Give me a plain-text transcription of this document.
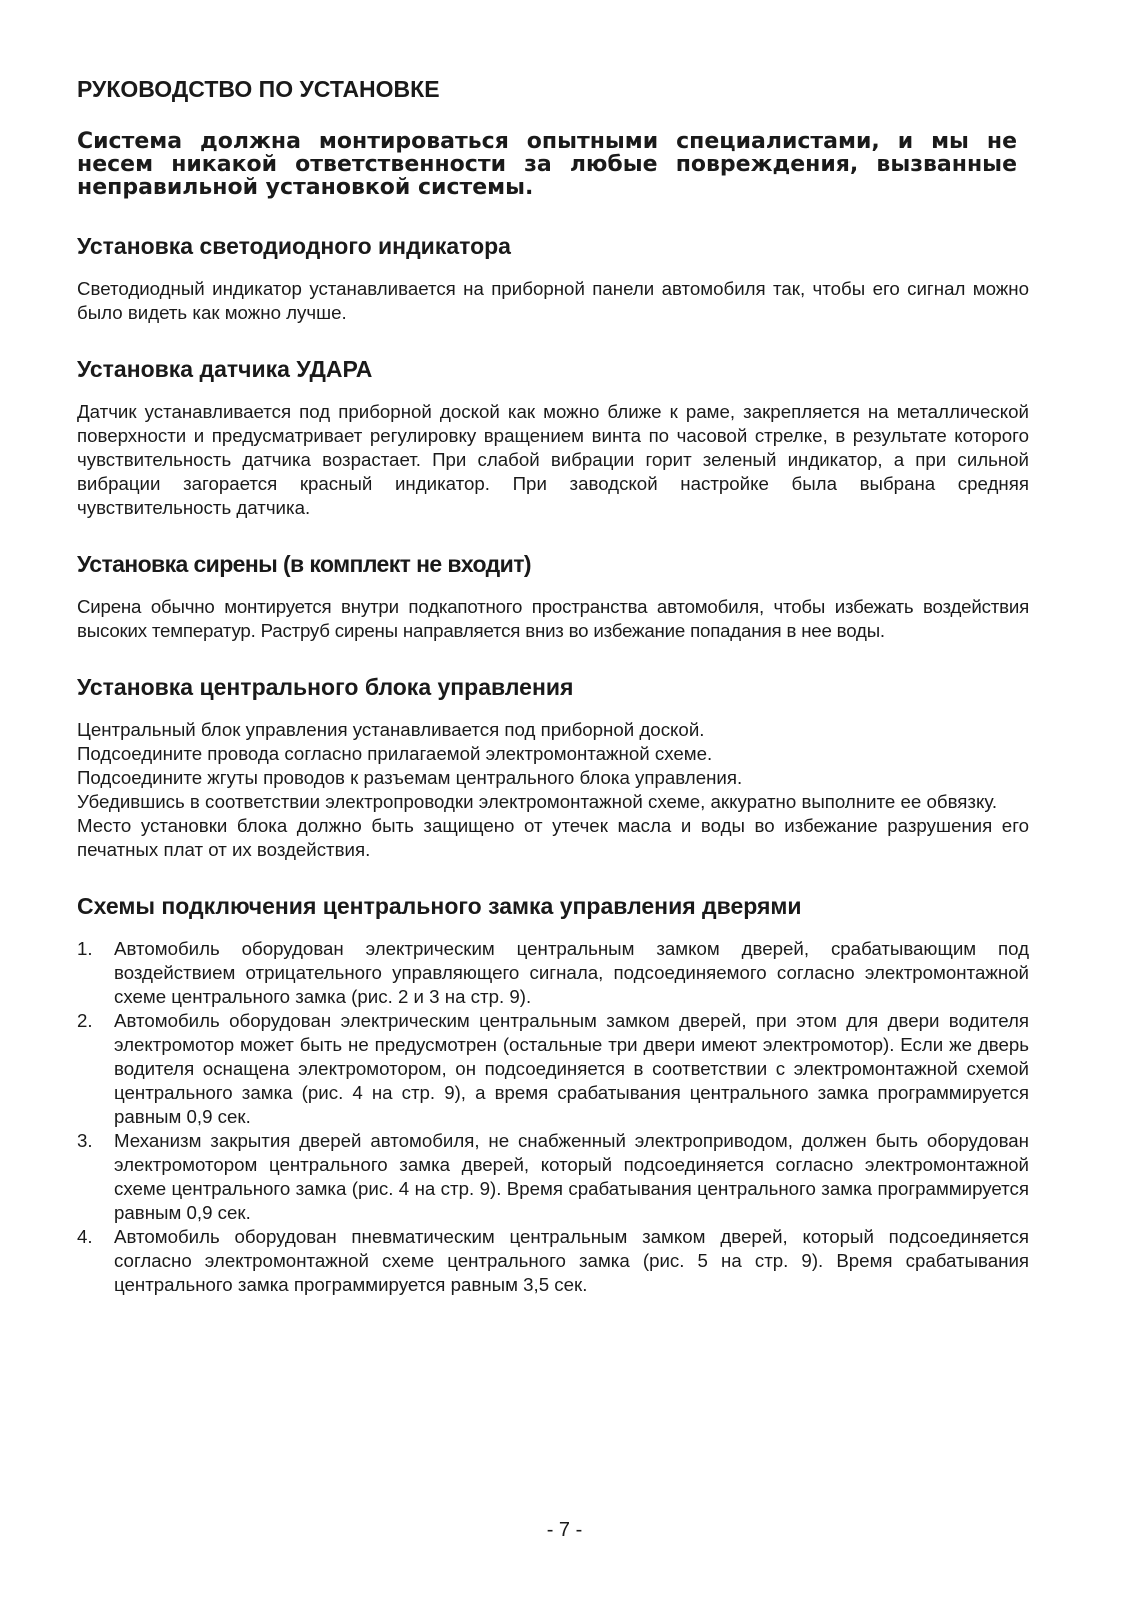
РУКОВОДСТВО ПО УСТАНОВКЕ

Система должна монтироваться опытными специалистами, и мы не несем никакой ответственности за любые повреждения, вызванные неправильной установкой системы.

Установка светодиодного индикатора

Светодиодный индикатор устанавливается на приборной панели автомобиля так, чтобы его сигнал можно было видеть как можно лучше.

Установка датчика УДАРА

Датчик устанавливается под приборной доской как можно ближе к раме, закрепляется на металлической поверхности и предусматривает регулировку вращением винта по часовой стрелке, в результате которого чувствительность датчика возрастает. При слабой вибрации горит зеленый индикатор, а при сильной вибрации загорается красный индикатор. При заводской настройке была выбрана средняя чувствительность датчика.

Установка сирены (в комплект не входит)

Сирена обычно монтируется внутри подкапотного пространства автомобиля, чтобы избежать воздействия высоких температур. Раструб сирены направляется вниз во избежание попадания в нее воды.

Установка центрального блока управления

Центральный блок управления устанавливается под приборной доской.

Подсоедините провода согласно прилагаемой электромонтажной схеме.

Подсоедините жгуты проводов к разъемам центрального блока управления.

Убедившись в соответствии электропроводки электромонтажной схеме, аккуратно выполните ее обвязку.

Место установки блока должно быть защищено от утечек масла и воды во избежание разрушения его печатных плат от их воздействия.

Схемы подключения центрального замка управления дверями
1. Автомобиль оборудован электрическим центральным замком дверей, срабатывающим под воздействием отрицательного управляющего сигнала, подсоединяемого согласно электромонтажной схеме центрального замка (рис. 2 и 3 на стр. 9).
2. Автомобиль оборудован электрическим центральным замком дверей, при этом для двери водителя электромотор может быть не предусмотрен (остальные три двери имеют электромотор). Если же дверь водителя оснащена электромотором, он подсоединяется в соответствии с электромонтажной схемой центрального замка (рис. 4 на стр. 9), а время срабатывания центрального замка программируется равным 0,9 сек.
3. Механизм закрытия дверей автомобиля, не снабженный электроприводом, должен быть оборудован электромотором центрального замка дверей, который подсоединяется согласно электромонтажной схеме центрального замка (рис. 4 на стр. 9). Время срабатывания центрального замка программируется равным 0,9 сек.
4. Автомобиль оборудован пневматическим центральным замком дверей, который подсоединяется согласно электромонтажной схеме центрального замка (рис. 5 на стр. 9). Время срабатывания центрального замка программируется равным 3,5 сек.
- 7 -
